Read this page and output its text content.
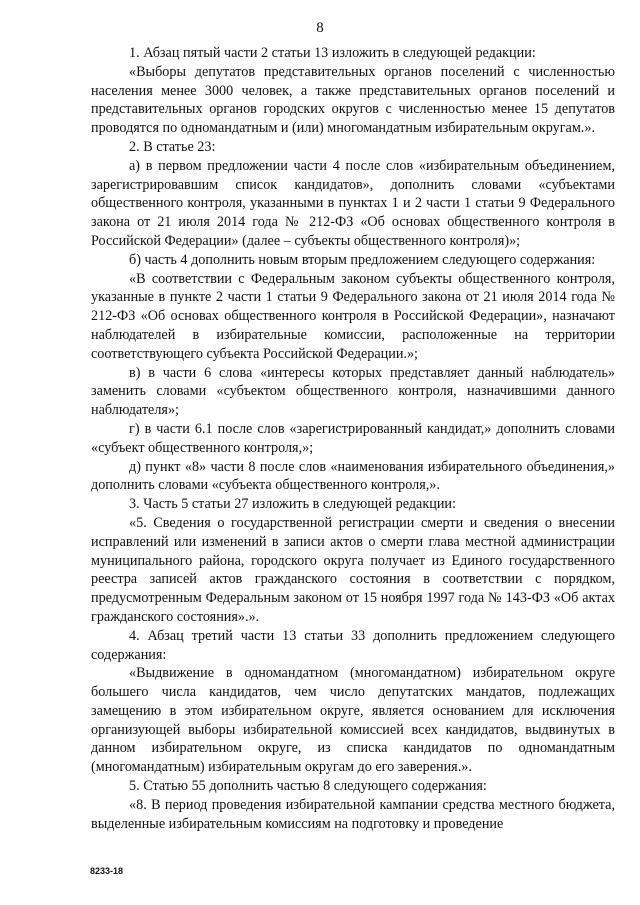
8

1. Абзац пятый части 2 статьи 13 изложить в следующей редакции:

«Выборы депутатов представительных органов поселений с численностью населения менее 3000 человек, а также представительных органов поселений и представительных органов городских округов с численностью менее 15 депутатов проводятся по одномандатным и (или) многомандатным избирательным округам.».

2. В статье 23:

а) в первом предложении части 4 после слов «избирательным объединением, зарегистрировавшим список кандидатов», дополнить словами «субъектами общественного контроля, указанными в пунктах 1 и 2 части 1 статьи 9 Федерального закона от 21 июля 2014 года № 212-ФЗ «Об основах общественного контроля в Российской Федерации» (далее – субъекты общественного контроля)»;

б) часть 4 дополнить новым вторым предложением следующего содержания:

«В соответствии с Федеральным законом субъекты общественного контроля, указанные в пункте 2 части 1 статьи 9 Федерального закона от 21 июля 2014 года № 212-ФЗ «Об основах общественного контроля в Российской Федерации», назначают наблюдателей в избирательные комиссии, расположенные на территории соответствующего субъекта Российской Федерации.»;

в) в части 6 слова «интересы которых представляет данный наблюдатель» заменить словами «субъектом общественного контроля, назначившими данного наблюдателя»;

г) в части 6.1 после слов «зарегистрированный кандидат,» дополнить словами «субъект общественного контроля,»;

д) пункт «8» части 8 после слов «наименования избирательного объединения,» дополнить словами «субъекта общественного контроля,».

3. Часть 5 статьи 27 изложить в следующей редакции:

«5. Сведения о государственной регистрации смерти и сведения о внесении исправлений или изменений в записи актов о смерти глава местной администрации муниципального района, городского округа получает из Единого государственного реестра записей актов гражданского состояния в соответствии с порядком, предусмотренным Федеральным законом от 15 ноября 1997 года № 143-ФЗ «Об актах гражданского состояния».».

4. Абзац третий части 13 статьи 33 дополнить предложением следующего содержания:

«Выдвижение в одномандатном (многомандатном) избирательном округе большего числа кандидатов, чем число депутатских мандатов, подлежащих замещению в этом избирательном округе, является основанием для исключения организующей выборы избирательной комиссией всех кандидатов, выдвинутых в данном избирательном округе, из списка кандидатов по одномандатным (многомандатным) избирательным округам до его заверения.».

5. Статью 55 дополнить частью 8 следующего содержания:

«8. В период проведения избирательной кампании средства местного бюджета, выделенные избирательным комиссиям на подготовку и проведение

8233-18
